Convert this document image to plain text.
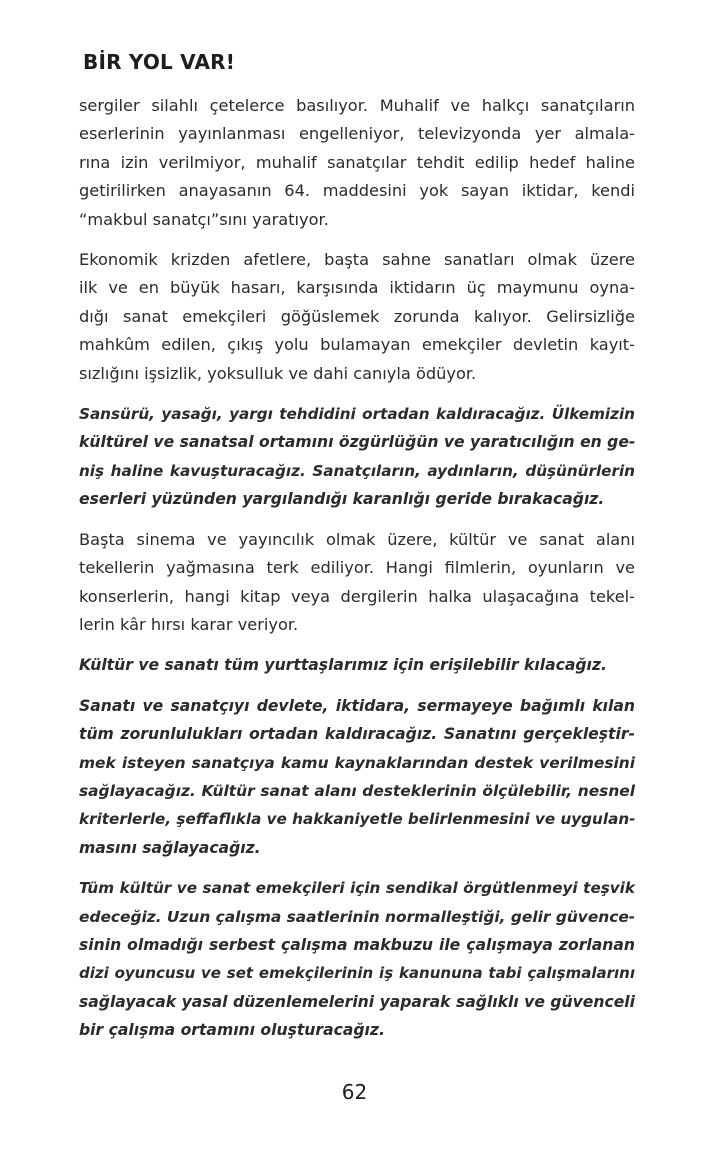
BİR YOL VAR!

sergiler silahlı çetelerce basılıyor. Muhalif ve halkçı sanatçıların
eserlerinin yayınlanması engelleniyor, televizyonda yer almala-
rına izin verilmiyor, muhalif sanatçılar tehdit edilip hedef haline
getirilirken anayasanın 64. maddesini yok sayan iktidar, kendi
“makbul sanatçı”sını yaratıyor.

Ekonomik krizden afetlere, başta sahne sanatları olmak üzere
ilk ve en büyük hasarı, karşısında iktidarın üç maymunu oyna-
dığı sanat emekçileri göğüslemek zorunda kalıyor. Gelirsizliğe
mahkûm edilen, çıkış yolu bulamayan emekçiler devletin kayıt-
sızlığını işsizlik, yoksulluk ve dahi canıyla ödüyor.

Sansürü, yasağı, yargı tehdidini ortadan kaldıracağız. Ülkemizin
kültürel ve sanatsal ortamını özgürlüğün ve yaratıcılığın en ge-
niş haline kavuşturacağız. Sanatçıların, aydınların, düşünürlerin
eserleri yüzünden yargılandığı karanlığı geride bırakacağız.

Başta sinema ve yayıncılık olmak üzere, kültür ve sanat alanı
tekellerin yağmasına terk ediliyor. Hangi filmlerin, oyunların ve
konserlerin, hangi kitap veya dergilerin halka ulaşacağına tekel-
lerin kâr hırsı karar veriyor.

Kültür ve sanatı tüm yurttaşlarımız için erişilebilir kılacağız.

Sanatı ve sanatçıyı devlete, iktidara, sermayeye bağımlı kılan
tüm zorunlulukları ortadan kaldıracağız. Sanatını gerçekleştir-
mek isteyen sanatçıya kamu kaynaklarından destek verilmesini
sağlayacağız. Kültür sanat alanı desteklerinin ölçülebilir, nesnel
kriterlerle, şeffaflıkla ve hakkaniyetle belirlenmesini ve uygulan-
masını sağlayacağız.

Tüm kültür ve sanat emekçileri için sendikal örgütlenmeyi teşvik
edeceğiz. Uzun çalışma saatlerinin normalleştiği, gelir güvence-
sinin olmadığı serbest çalışma makbuzu ile çalışmaya zorlanan
dizi oyuncusu ve set emekçilerinin iş kanununa tabi çalışmalarını
sağlayacak yasal düzenlemelerini yaparak sağlıklı ve güvenceli
bir çalışma ortamını oluşturacağız.

62
